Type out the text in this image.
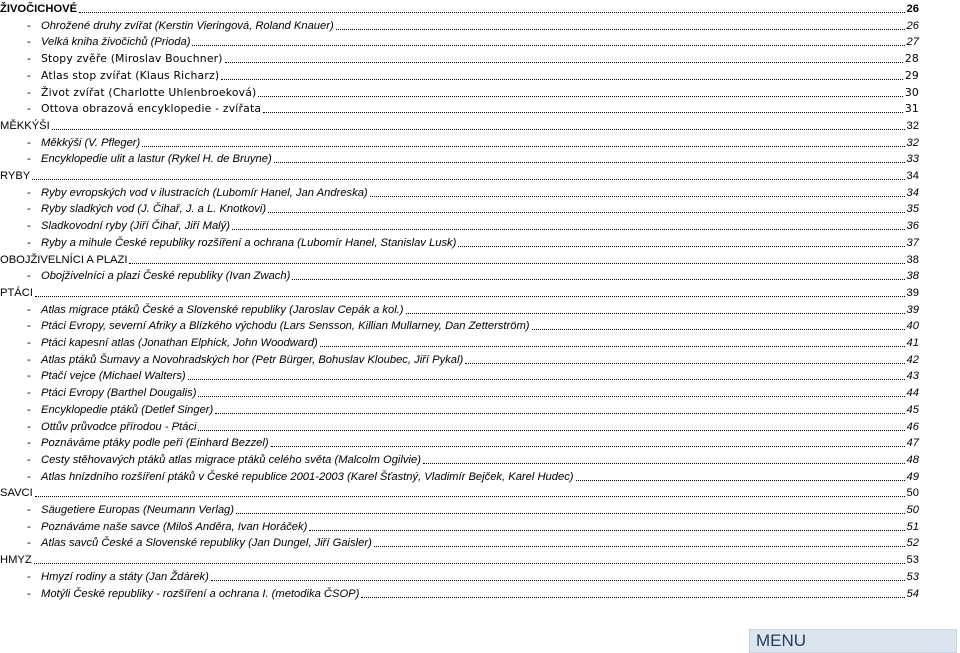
ŽIVOČICHOVÉ	26
- Ohrožené druhy zvířat (Kerstin Vieringová, Roland Knauer)	26
- Velká kniha živočichů (Prioda)	27
- Stopy zvěře (Miroslav Bouchner)	28
- Atlas stop zvířat (Klaus Richarz)	29
- Život zvířat (Charlotte Uhlenbroeková)	30
- Ottova obrazová encyklopedie - zvířata	31
MĚKKÝŠI	32
- Měkkýši (V. Pfleger)	32
- Encyklopedie ulit a lastur (Rykel H. de Bruyne)	33
RYBY	34
- Ryby evropských vod v ilustracích (Lubomír Hanel, Jan Andreska)	34
- Ryby sladkých vod (J. Čihař, J. a L. Knotkovi)	35
- Sladkovodní ryby (Jiří Čihař, Jiří Malý)	36
- Ryby a mihule České republiky rozšíření a ochrana (Lubomír Hanel, Stanislav Lusk)	37
OBOJŽIVELNÍCI A PLAZI	38
- Obojživelníci a plazi České republiky (Ivan Zwach)	38
PTÁCI	39
- Atlas migrace ptáků České a Slovenské republiky (Jaroslav Cepák a kol.)	39
- Ptáci Evropy, severní Afriky a Blízkého východu (Lars Sensson, Killian Mullarney, Dan Zetterström)	40
- Ptáci kapesní atlas (Jonathan Elphick, John Woodward)	41
- Atlas ptáků Šumavy a Novohradských hor (Petr Bürger, Bohuslav Kloubec, Jiří Pykal)	42
- Ptačí vejce (Michael Walters)	43
- Ptáci Evropy (Barthel Dougalis)	44
- Encyklopedie ptáků (Detlef Singer)	45
- Ottův průvodce přírodou - Ptáci	46
- Poznáváme ptáky podle peří (Einhard Bezzel)	47
- Cesty stěhovavých ptáků atlas migrace ptáků celého světa (Malcolm Ogilvie)	48
- Atlas hnízdního rozšíření ptáků v České republice 2001-2003 (Karel Šťastný, Vladimír Bejček, Karel Hudec)	49
SAVCI	50
- Säugetiere Europas (Neumann Verlag)	50
- Poznáváme naše savce (Miloš Anděra, Ivan Horáček)	51
- Atlas savců České a Slovenské republiky (Jan Dungel, Jiří Gaisler)	52
HMYZ	53
- Hmyzí rodiny a státy (Jan Ždárek)	53
- Motýli České republiky - rozšíření a ochrana I. (metodika ČSOP)	54
MENU
